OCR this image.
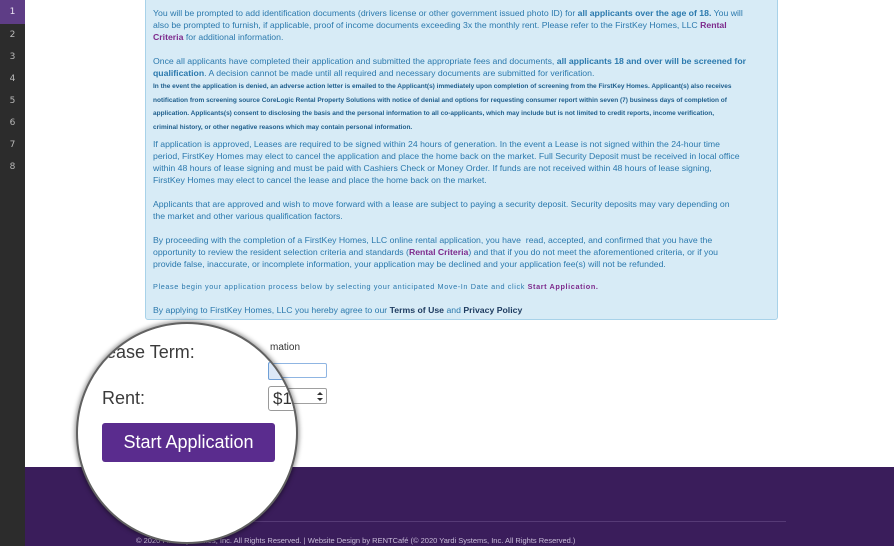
1
2
3
4
5
6
7
8
You will be prompted to add identification documents (drivers license or other government issued photo ID) for all applicants over the age of 18. You will
also be prompted to furnish, if applicable, proof of income documents exceeding 3x the monthly rent. Please refer to the FirstKey Homes, LLC Rental
Criteria for additional information.
Once all applicants have completed their application and submitted the appropriate fees and documents, all applicants 18 and over will be screened for
qualification. A decision cannot be made until all required and necessary documents are submitted for verification.
In the event the application is denied, an adverse action letter is emailed to the Applicant(s) immediately upon completion of screening from the FirstKey Homes. Applicant(s) also receives
notification from screening source CoreLogic Rental Property Solutions with notice of denial and options for requesting consumer report within seven (7) business days of completion of
application. Applicants(s) consent to disclosing the basis and the personal information to all co-applicants, which may include but is not limited to credit reports, income verification,
criminal history, or other negative reasons which may contain personal information.
If application is approved, Leases are required to be signed within 24 hours of generation. In the event a Lease is not signed within the 24-hour time
period, FirstKey Homes may elect to cancel the application and place the home back on the market. Full Security Deposit must be received in local office
within 48 hours of lease signing and must be paid with Cashiers Check or Money Order. If funds are not received within 48 hours of lease signing,
FirstKey Homes may elect to cancel the lease and place the home back on the market.
Applicants that are approved and wish to move forward with a lease are subject to paying a security deposit. Security deposits may vary depending on
the market and other various qualification factors.
By proceeding with the completion of a FirstKey Homes, LLC online rental application, you have  read, accepted, and confirmed that you have the
opportunity to review the resident selection criteria and standards (Rental Criteria) and that if you do not meet the aforementioned criteria, or if you
provide false, inaccurate, or incomplete information, your application may be declined and your application fee(s) will not be refunded.
Please begin your application process below by selecting your anticipated Move-In Date and click Start Application.
By applying to FirstKey Homes, LLC you hereby agree to our Terms of Use and Privacy Policy
mation
© 2020 FirstKey Homes, Inc. All Rights Reserved. | Website Design by RENTCafé (© 2020 Yardi Systems, Inc. All Rights Reserved.)
Lease Term:
Rent:	$1
Start Application
